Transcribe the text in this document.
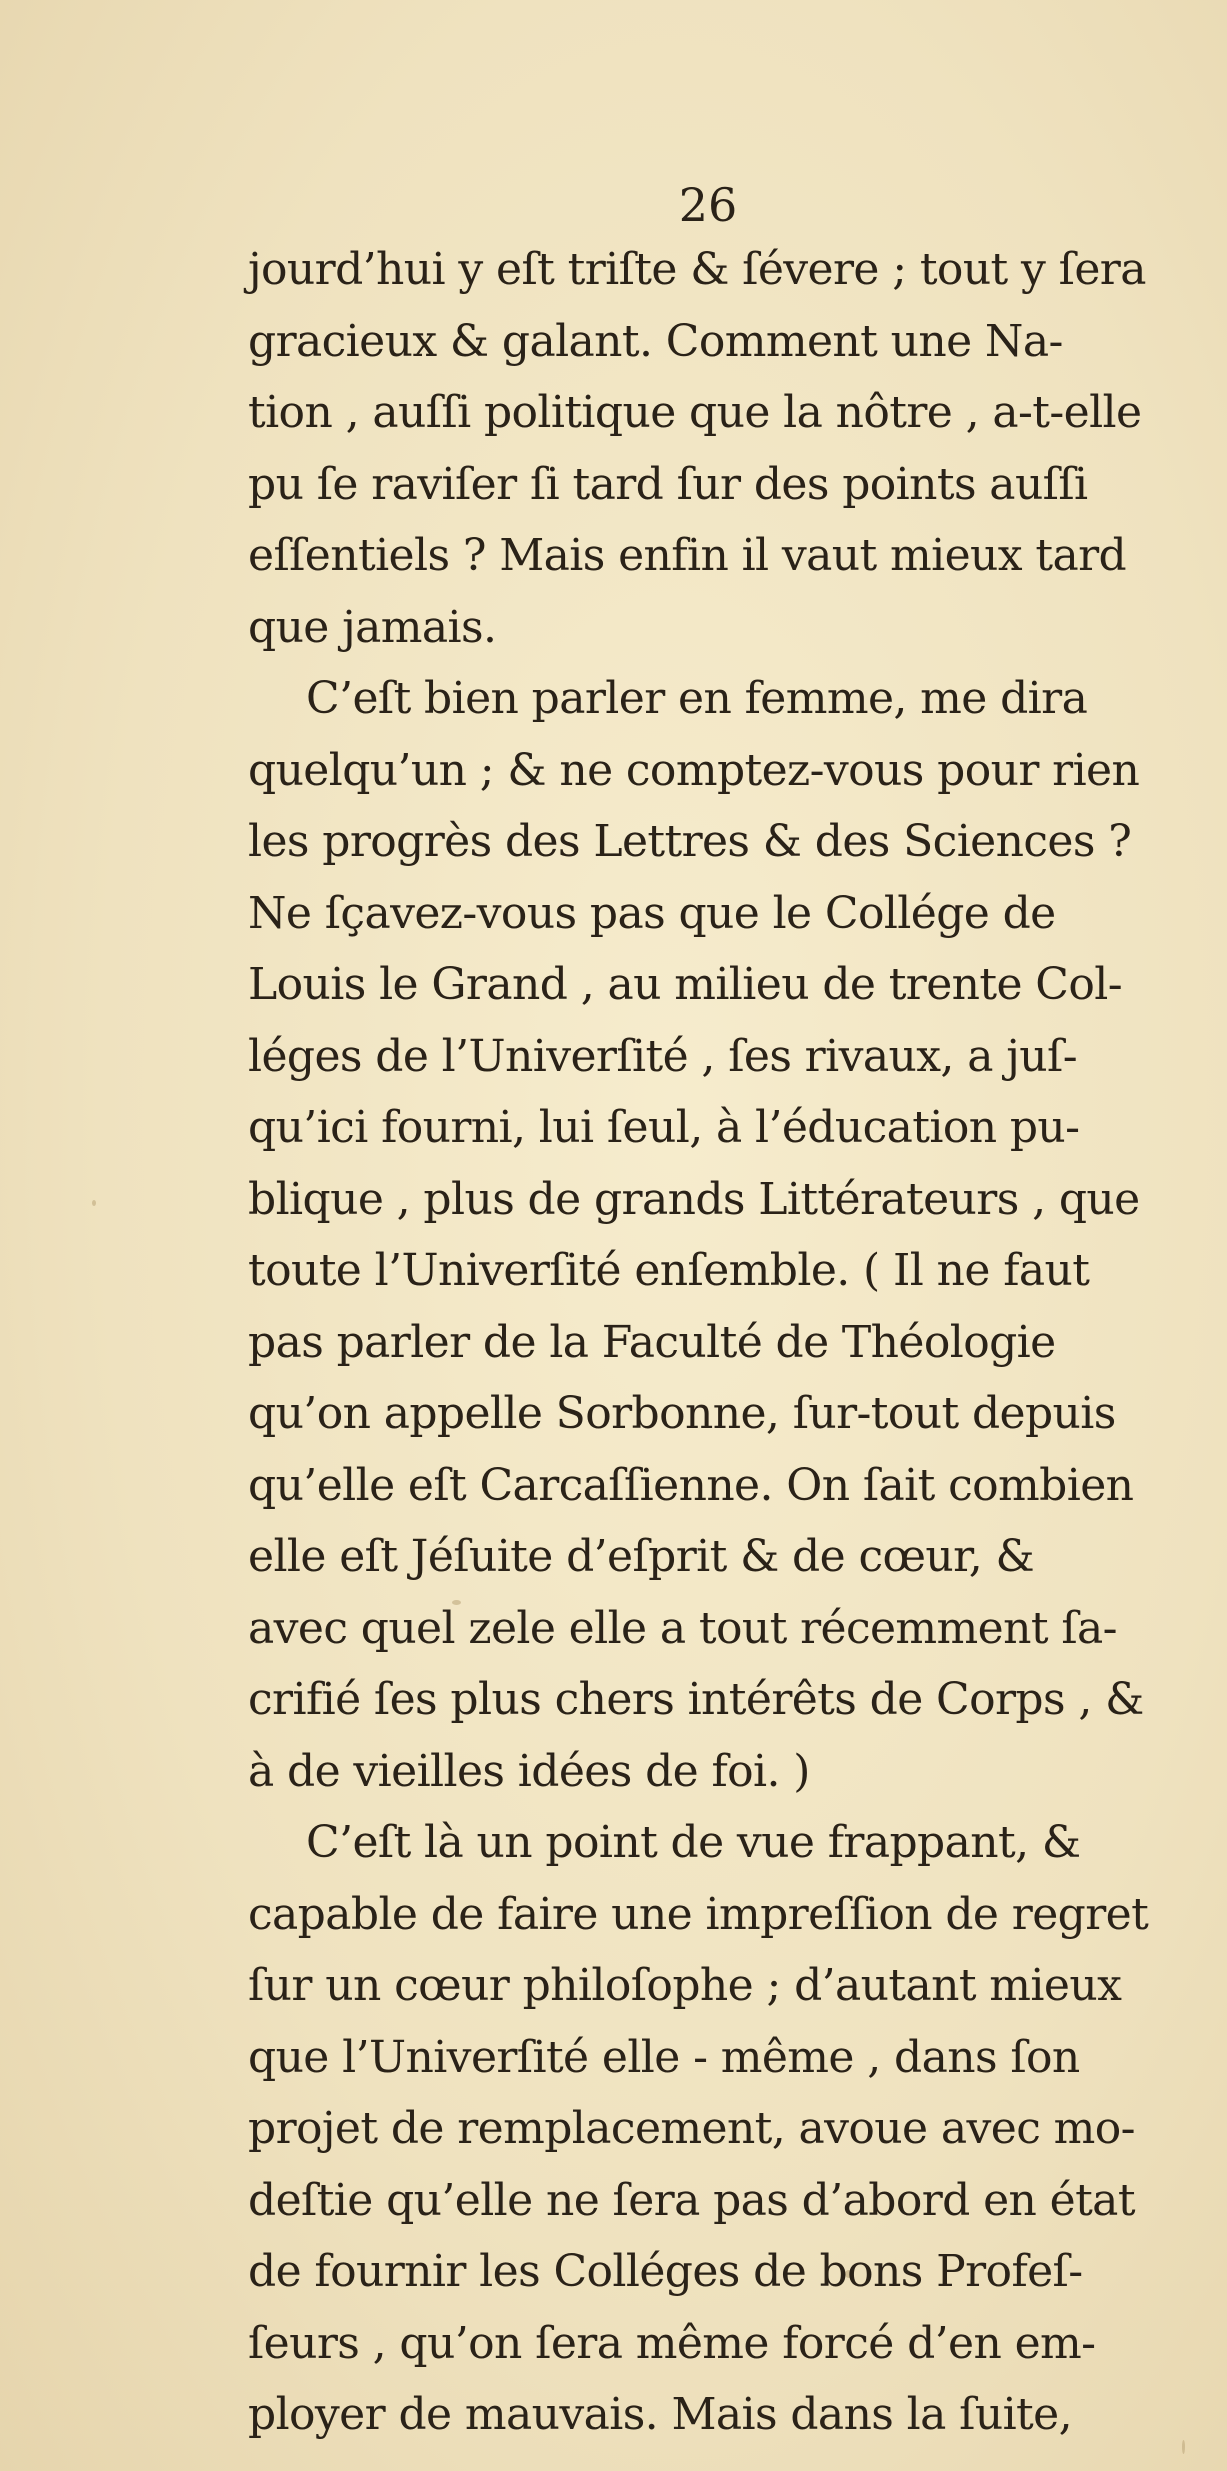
26
jourd’hui y eſt triſte & ſévere ; tout y ſera
gracieux & galant. Comment une Na-
tion , auſſi politique que la nôtre , a-t-elle
pu ſe raviſer ſi tard ſur des points auſſi
eſſentiels ? Mais enfin il vaut mieux tard
que jamais.
C’eſt bien parler en femme, me dira
quelqu’un ; & ne comptez-vous pour rien
les progrès des Lettres & des Sciences ?
Ne ſçavez-vous pas que le Collége de
Louis le Grand , au milieu de trente Col-
léges de l’Univerſité , ſes rivaux, a juſ-
qu’ici fourni, lui ſeul, à l’éducation pu-
blique , plus de grands Littérateurs , que
toute l’Univerſité enſemble. ( Il ne faut
pas parler de la Faculté de Théologie
qu’on appelle Sorbonne, ſur-tout depuis
qu’elle eſt Carcaſſienne. On ſait combien
elle eſt Jéſuite d’eſprit & de cœur, &
avec quel zele elle a tout récemment ſa-
crifié ſes plus chers intérêts de Corps , &
à de vieilles idées de foi. )
C’eſt là un point de vue frappant, &
capable de faire une impreſſion de regret
ſur un cœur philoſophe ; d’autant mieux
que l’Univerſité elle - même , dans ſon
projet de remplacement, avoue avec mo-
deſtie qu’elle ne ſera pas d’abord en état
de fournir les Colléges de bons Profeſ-
ſeurs , qu’on ſera même forcé d’en em-
ployer de mauvais. Mais dans la ſuite,
